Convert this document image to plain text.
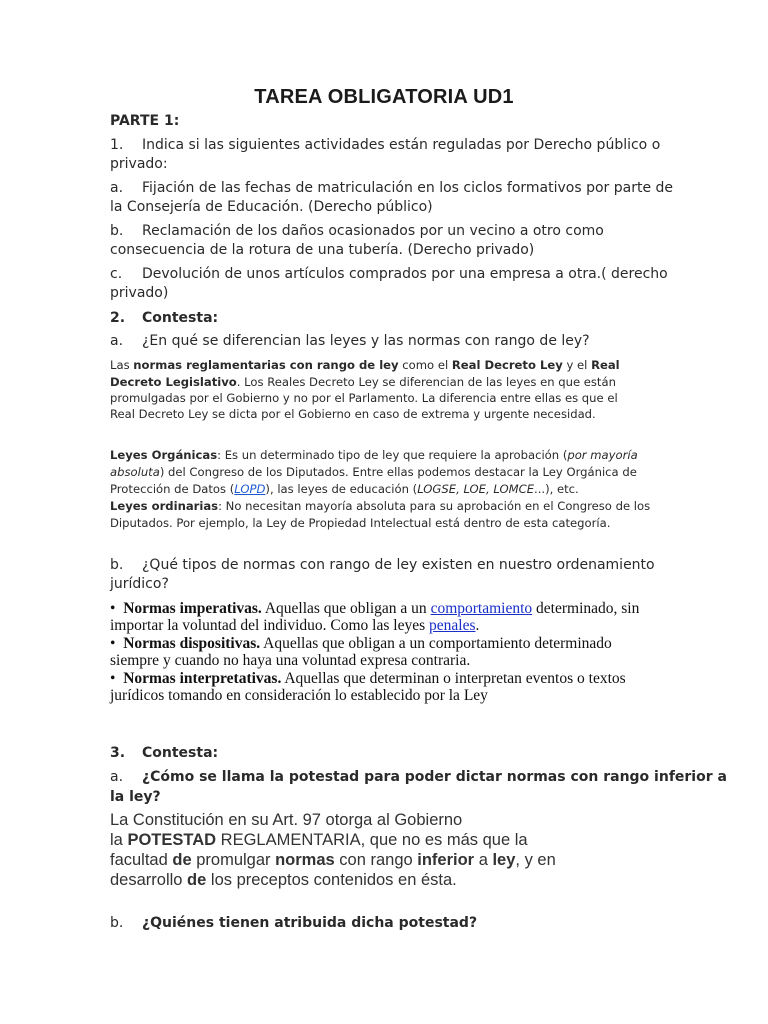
TAREA OBLIGATORIA UD1
PARTE 1:
1. Indica si las siguientes actividades están reguladas por Derecho público o
privado:
a. Fijación de las fechas de matriculación en los ciclos formativos por parte de
la Consejería de Educación. (Derecho público)
b. Reclamación de los daños ocasionados por un vecino a otro como
consecuencia de la rotura de una tubería. (Derecho privado)
c. Devolución de unos artículos comprados por una empresa a otra.( derecho
privado)
2. Contesta:
a. ¿En qué se diferencian las leyes y las normas con rango de ley?
Las normas reglamentarias con rango de ley como el Real Decreto Ley y el Real
Decreto Legislativo. Los Reales Decreto Ley se diferencian de las leyes en que están
promulgadas por el Gobierno y no por el Parlamento. La diferencia entre ellas es que el
Real Decreto Ley se dicta por el Gobierno en caso de extrema y urgente necesidad.
Leyes Orgánicas: Es un determinado tipo de ley que requiere la aprobación (por mayoría
absoluta) del Congreso de los Diputados. Entre ellas podemos destacar la Ley Orgánica de
Protección de Datos (LOPD), las leyes de educación (LOGSE, LOE, LOMCE...), etc.
Leyes ordinarias: No necesitan mayoría absoluta para su aprobación en el Congreso de los
Diputados. Por ejemplo, la Ley de Propiedad Intelectual está dentro de esta categoría.
b. ¿Qué tipos de normas con rango de ley existen en nuestro ordenamiento
jurídico?
• Normas imperativas. Aquellas que obligan a un comportamiento determinado, sin
importar la voluntad del individuo. Como las leyes penales.
• Normas dispositivas. Aquellas que obligan a un comportamiento determinado
siempre y cuando no haya una voluntad expresa contraria.
• Normas interpretativas. Aquellas que determinan o interpretan eventos o textos
jurídicos tomando en consideración lo establecido por la Ley
3. Contesta:
a. ¿Cómo se llama la potestad para poder dictar normas con rango inferior a
la ley?
La Constitución en su Art. 97 otorga al Gobierno
la POTESTAD REGLAMENTARIA, que no es más que la
facultad de promulgar normas con rango inferior a ley, y en
desarrollo de los preceptos contenidos en ésta.
b. ¿Quiénes tienen atribuida dicha potestad?
